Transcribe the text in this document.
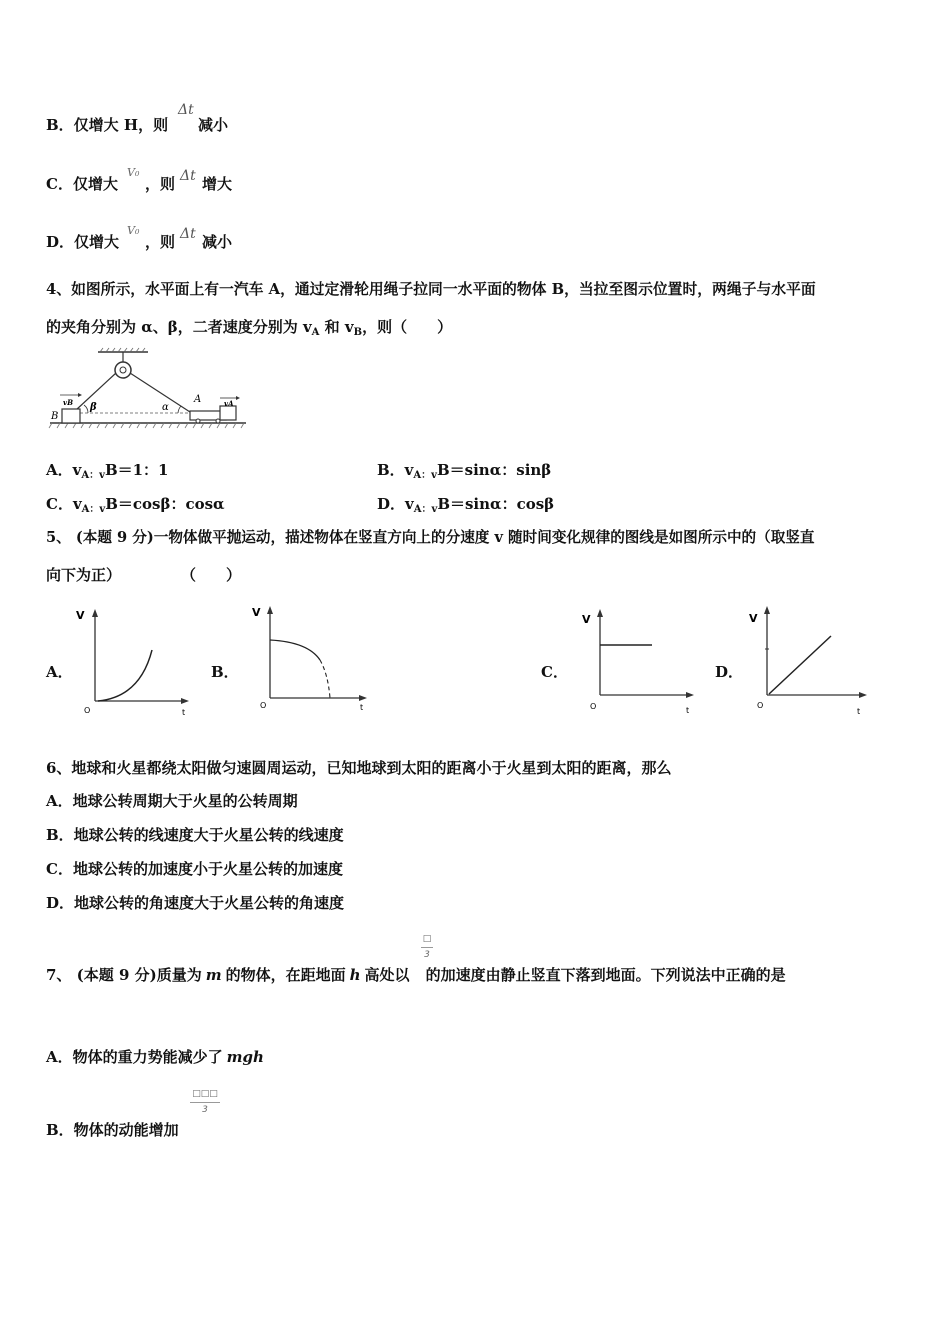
B．仅增大 H，则
Δt
减小
C．仅增大
V₀
，则 Δt 增大
D．仅增大
V₀
，则 Δt 减小
4、如图所示，水平面上有一汽车 A，通过定滑轮用绳子拉同一水平面的物体 B，当拉至图示位置时，两绳子与水平面
的夹角分别为 α、β，二者速度分别为 $v_A$ 和 $v_B$，则（　　）
B
A
β	α
vB	vA
A．$v_{A:v}B=1$：1	B．$v_{A:v}B=\sin\alpha$：sinβ
C．$v_{A:v}B=\cos\beta$：cosα	D．$v_{A:v}B=\sin\alpha$：cosβ
5、 (本题 9 分)一物体做平抛运动，描述物体在竖直方向上的分速度 v 随时间变化规律的图线是如图所示中的（取竖直
向下为正）　　　　　（　　）
A．	B．	C．	D．
V
O	t
V
O	t
V
O	t
V
O
t
6、地球和火星都绕太阳做匀速圆周运动，已知地球到太阳的距离小于火星到太阳的距离，那么
A．地球公转周期大于火星的公转周期
B．地球公转的线速度大于火星公转的线速度
C．地球公转的加速度小于火星公转的加速度
D．地球公转的角速度大于火星公转的角速度
7、 (本题 9 分)质量为 m 的物体，在距地面 h 高处以 的加速度由静止竖直下落到地面。下列说法中正确的是
□
3
A．物体的重力势能减少了 mgh
B．物体的动能增加
□□□
3
